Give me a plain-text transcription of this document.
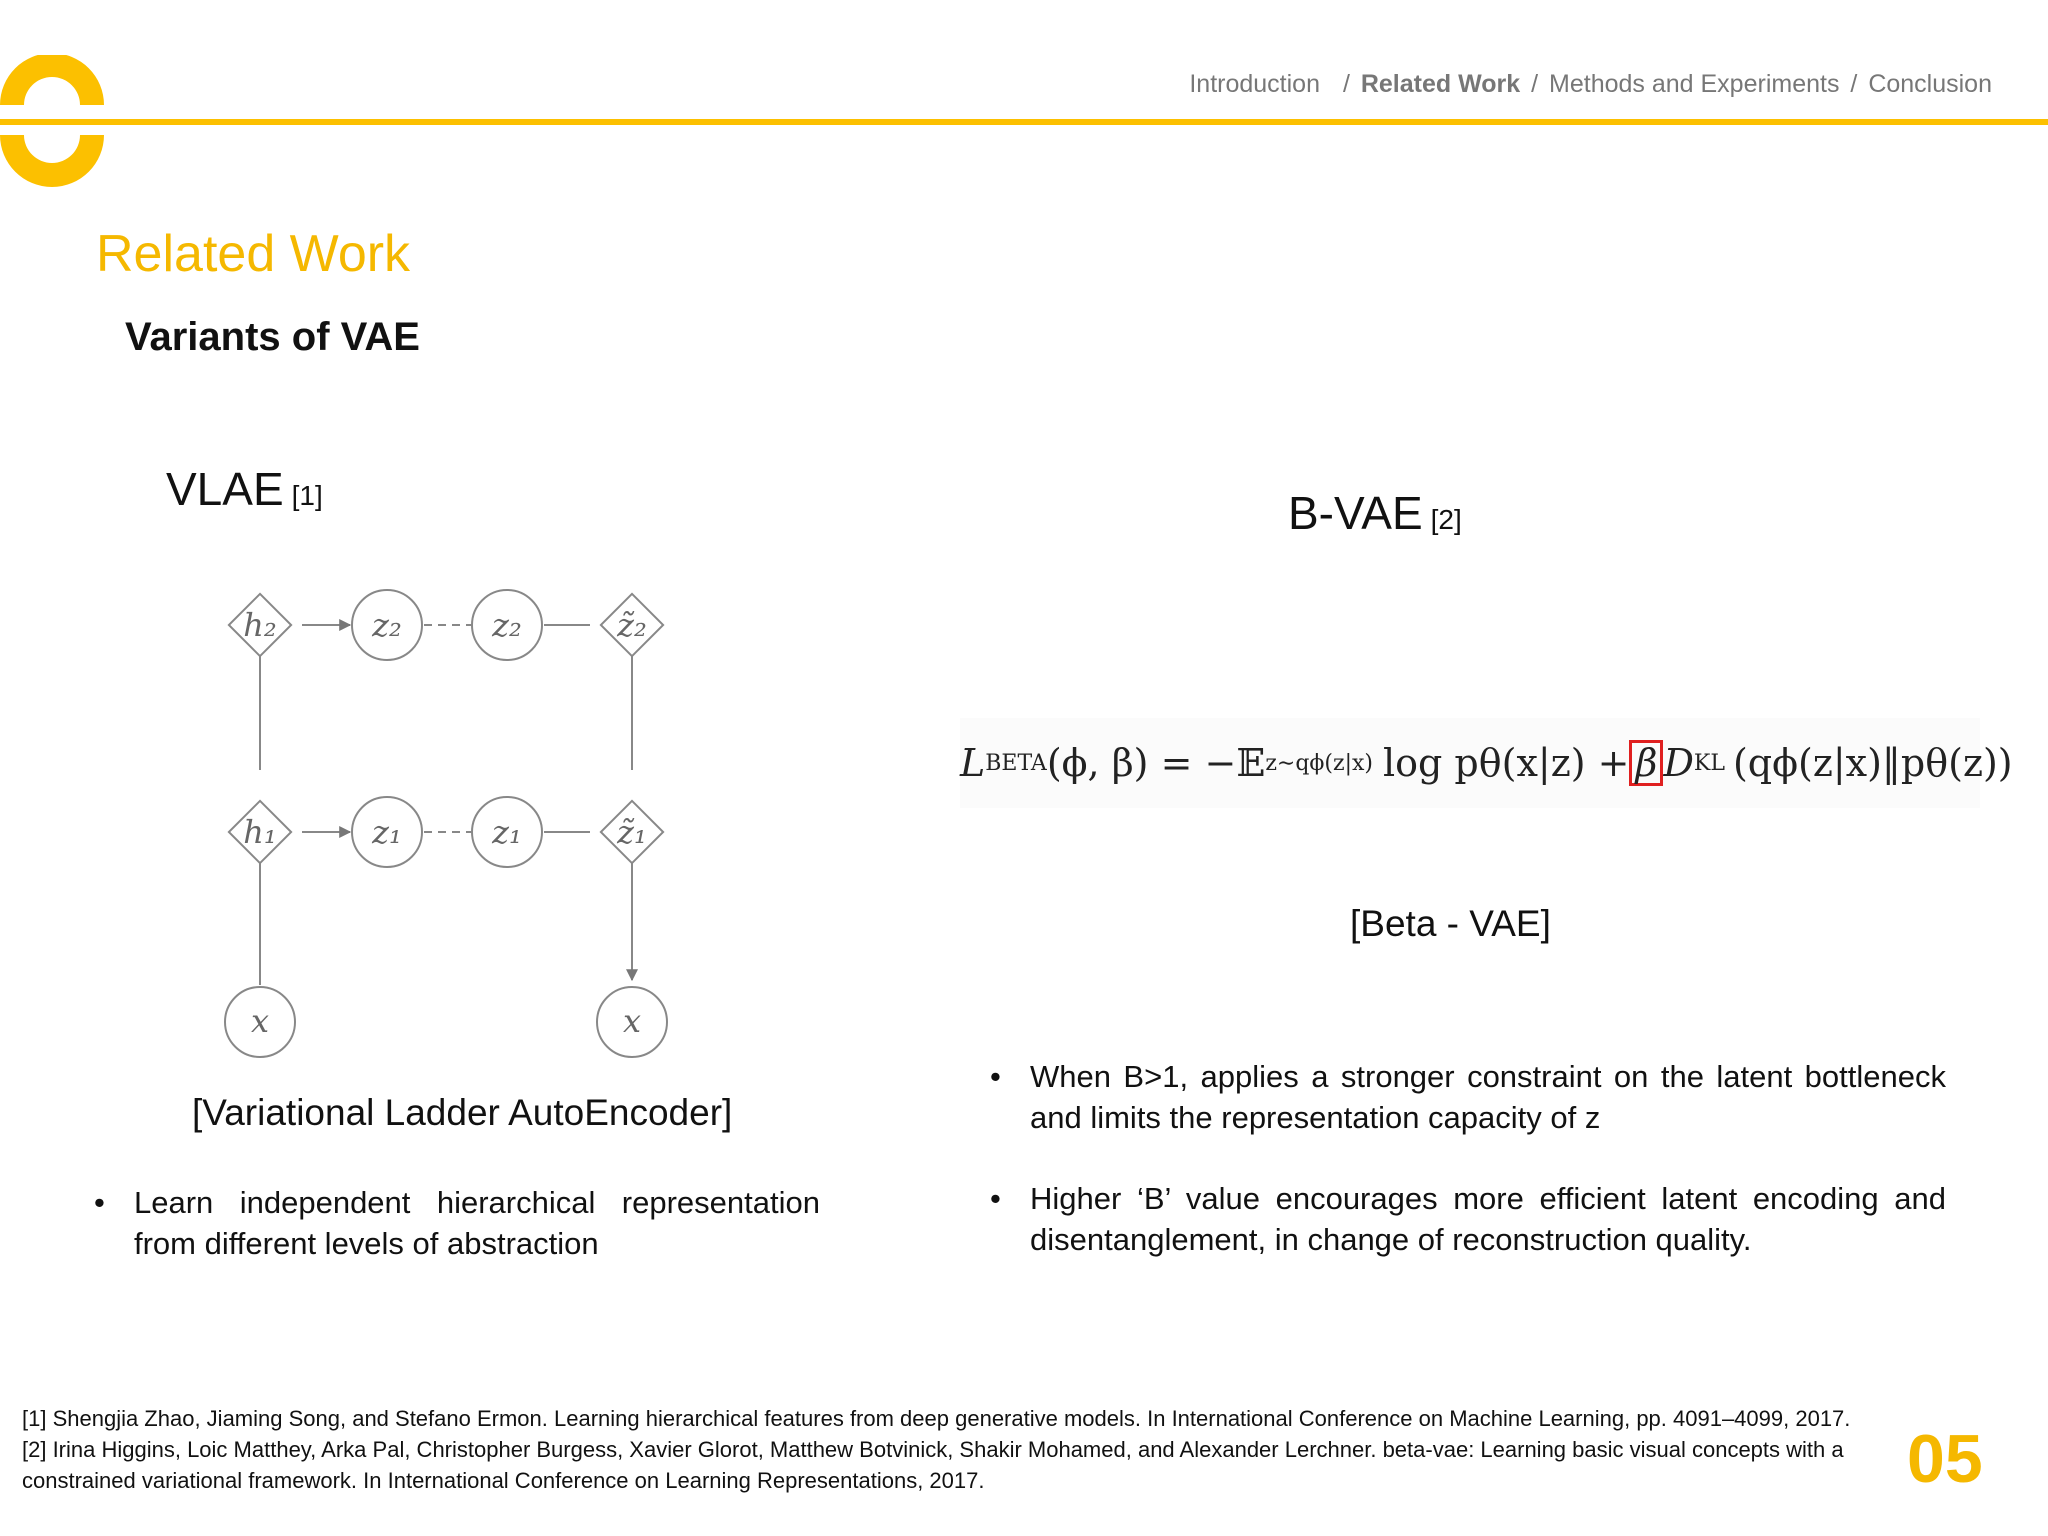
Introduction / Related Work / Methods and Experiments / Conclusion
Related Work
Variants of VAE
VLAE [1]
h₂	z₂	z₂	z̃₂
h₁	z₁	z₁	z̃₁
x	x
[Variational Ladder AutoEncoder]
• Learn independent hierarchical representation from different levels of abstraction
B-VAE [2]
L BETA (ϕ, β) = −𝔼 z∼qϕ(z|x) log pθ(x|z) + β D KL (qϕ(z|x)‖pθ(z))
[Beta - VAE]
• When B>1, applies a stronger constraint on the latent bottleneck and limits the representation capacity of z
• Higher ‘B’ value encourages more efficient latent encoding and disentanglement, in change of reconstruction quality.
[1] Shengjia Zhao, Jiaming Song, and Stefano Ermon. Learning hierarchical features from deep generative models. In International Conference on Machine Learning, pp. 4091–4099, 2017.
[2] Irina Higgins, Loic Matthey, Arka Pal, Christopher Burgess, Xavier Glorot, Matthew Botvinick, Shakir Mohamed, and Alexander Lerchner. beta-vae: Learning basic visual concepts with a constrained variational framework. In International Conference on Learning Representations, 2017.	05
